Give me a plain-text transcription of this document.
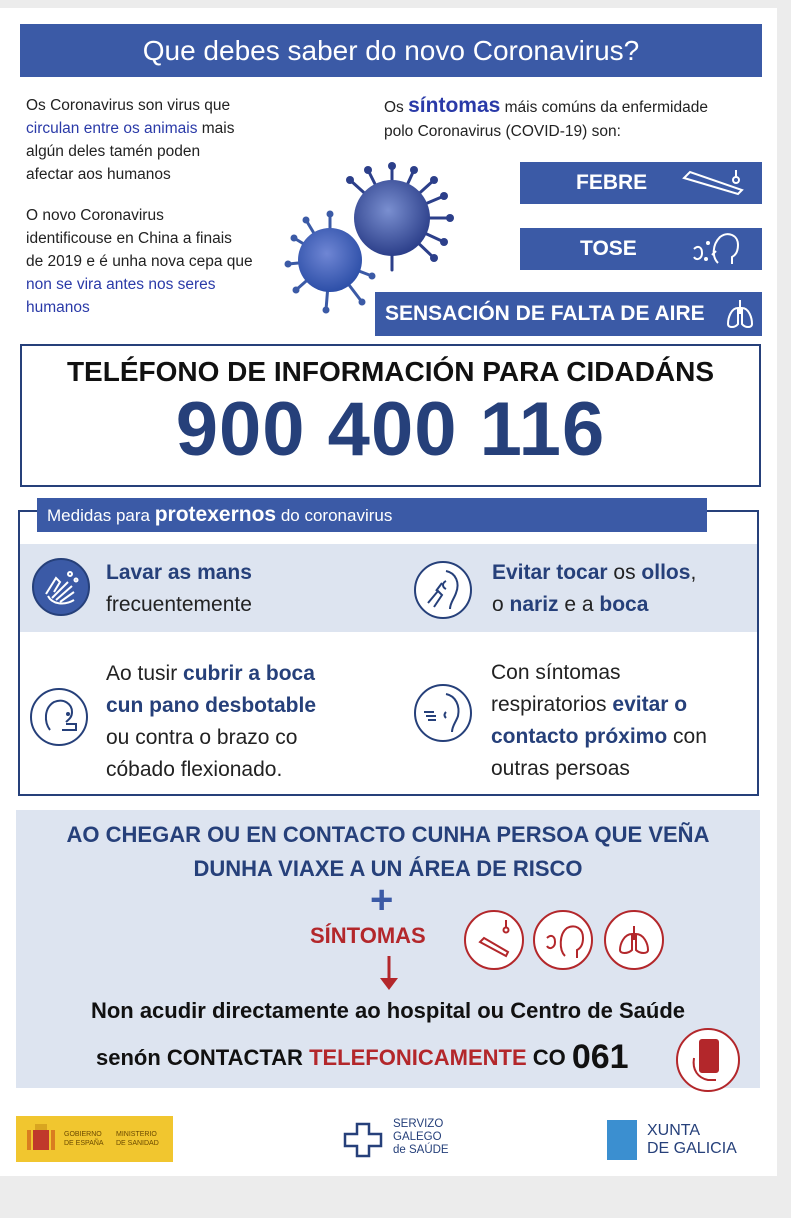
Que debes saber do novo Coronavirus?
Os Coronavirus son virus que
circulan entre os animais mais
algún deles tamén poden
afectar aos humanos
O novo Coronavirus
identificouse en China a finais
de 2019 e é unha nova cepa que
non se vira antes nos seres
humanos
Os síntomas máis comúns da enfermidade
polo Coronavirus (COVID-19) son:
FEBRE
TOSE
SENSACIÓN DE FALTA DE AIRE
TELÉFONO DE INFORMACIÓN PARA CIDADÁNS
900 400 116
Medidas para protexernos do coronavirus
Lavar as mans
frecuentemente
Evitar tocar os ollos,
o nariz e a boca
Ao tusir cubrir a boca
cun pano desbotable
ou contra o brazo co
cóbado flexionado.
Con síntomas
respiratorios evitar o
contacto próximo con
outras persoas
AO CHEGAR OU EN CONTACTO CUNHA PERSOA QUE VEÑA
DUNHA VIAXE A UN ÁREA DE RISCO
+
SÍNTOMAS
Non acudir directamente ao hospital ou Centro de Saúde
senón CONTACTAR TELEFONICAMENTE CO 061
GOBIERNO
DE ESPAÑA
MINISTERIO
DE SANIDAD
SERVIZO
GALEGO
de SAÚDE
XUNTA
DE GALICIA
